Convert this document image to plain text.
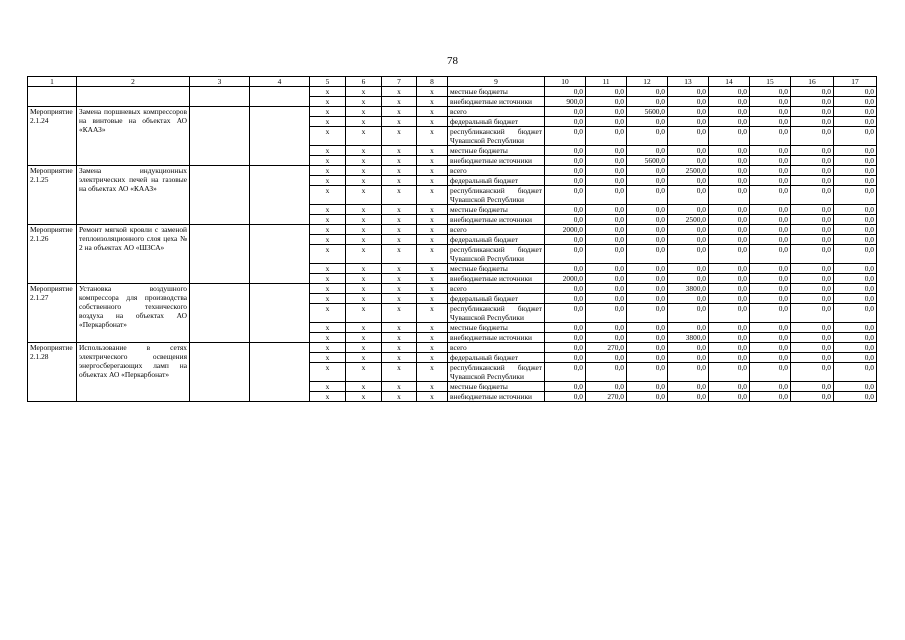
78
1	2	3	4	5	6	7	8	9	10	11	12	13	14	15	16	17
				х	х	х	х	местные бюджеты	0,0	0,0	0,0	0,0	0,0	0,0	0,0	0,0
				х	х	х	х	внебюджетные источники	900,0	0,0	0,0	0,0	0,0	0,0	0,0	0,0
Мероприятие 2.1.24	Замена поршневых компрессоров на винтовые на объектах АО «КААЗ»			х	х	х	х	всего	0,0	0,0	5600,0	0,0	0,0	0,0	0,0	0,0
				х	х	х	х	федеральный бюджет	0,0	0,0	0,0	0,0	0,0	0,0	0,0	0,0
				х	х	х	х	республиканский бюджет Чувашской Республики	0,0	0,0	0,0	0,0	0,0	0,0	0,0	0,0
				х	х	х	х	местные бюджеты	0,0	0,0	0,0	0,0	0,0	0,0	0,0	0,0
				х	х	х	х	внебюджетные источники	0,0	0,0	5600,0	0,0	0,0	0,0	0,0	0,0
Мероприятие 2.1.25	Замена индукционных электрических печей на газовые на объектах АО «КААЗ»			х	х	х	х	всего	0,0	0,0	0,0	2500,0	0,0	0,0	0,0	0,0
				х	х	х	х	федеральный бюджет	0,0	0,0	0,0	0,0	0,0	0,0	0,0	0,0
				х	х	х	х	республиканский бюджет Чувашской Республики	0,0	0,0	0,0	0,0	0,0	0,0	0,0	0,0
				х	х	х	х	местные бюджеты	0,0	0,0	0,0	0,0	0,0	0,0	0,0	0,0
				х	х	х	х	внебюджетные источники	0,0	0,0	0,0	2500,0	0,0	0,0	0,0	0,0
Мероприятие 2.1.26	Ремонт мягкой кровли с заменой теплоизоляционного слоя цеха № 2 на объектах АО «ШЗСА»			х	х	х	х	всего	2000,0	0,0	0,0	0,0	0,0	0,0	0,0	0,0
				х	х	х	х	федеральный бюджет	0,0	0,0	0,0	0,0	0,0	0,0	0,0	0,0
				х	х	х	х	республиканский бюджет Чувашской Республики	0,0	0,0	0,0	0,0	0,0	0,0	0,0	0,0
				х	х	х	х	местные бюджеты	0,0	0,0	0,0	0,0	0,0	0,0	0,0	0,0
				х	х	х	х	внебюджетные источники	2000,0	0,0	0,0	0,0	0,0	0,0	0,0	0,0
Мероприятие 2.1.27	Установка воздушного компрессора для производства собственного технического воздуха на объектах АО «Перкарбонат»			х	х	х	х	всего	0,0	0,0	0,0	3800,0	0,0	0,0	0,0	0,0
				х	х	х	х	федеральный бюджет	0,0	0,0	0,0	0,0	0,0	0,0	0,0	0,0
				х	х	х	х	республиканский бюджет Чувашской Республики	0,0	0,0	0,0	0,0	0,0	0,0	0,0	0,0
				х	х	х	х	местные бюджеты	0,0	0,0	0,0	0,0	0,0	0,0	0,0	0,0
				х	х	х	х	внебюджетные источники	0,0	0,0	0,0	3800,0	0,0	0,0	0,0	0,0
Мероприятие 2.1.28	Использование в сетях электрического освещения энергосберегающих ламп на объектах АО «Перкарбонат»			х	х	х	х	всего	0,0	270,0	0,0	0,0	0,0	0,0	0,0	0,0
				х	х	х	х	федеральный бюджет	0,0	0,0	0,0	0,0	0,0	0,0	0,0	0,0
				х	х	х	х	республиканский бюджет Чувашской Республики	0,0	0,0	0,0	0,0	0,0	0,0	0,0	0,0
				х	х	х	х	местные бюджеты	0,0	0,0	0,0	0,0	0,0	0,0	0,0	0,0
				х	х	х	х	внебюджетные источники	0,0	270,0	0,0	0,0	0,0	0,0	0,0	0,0
